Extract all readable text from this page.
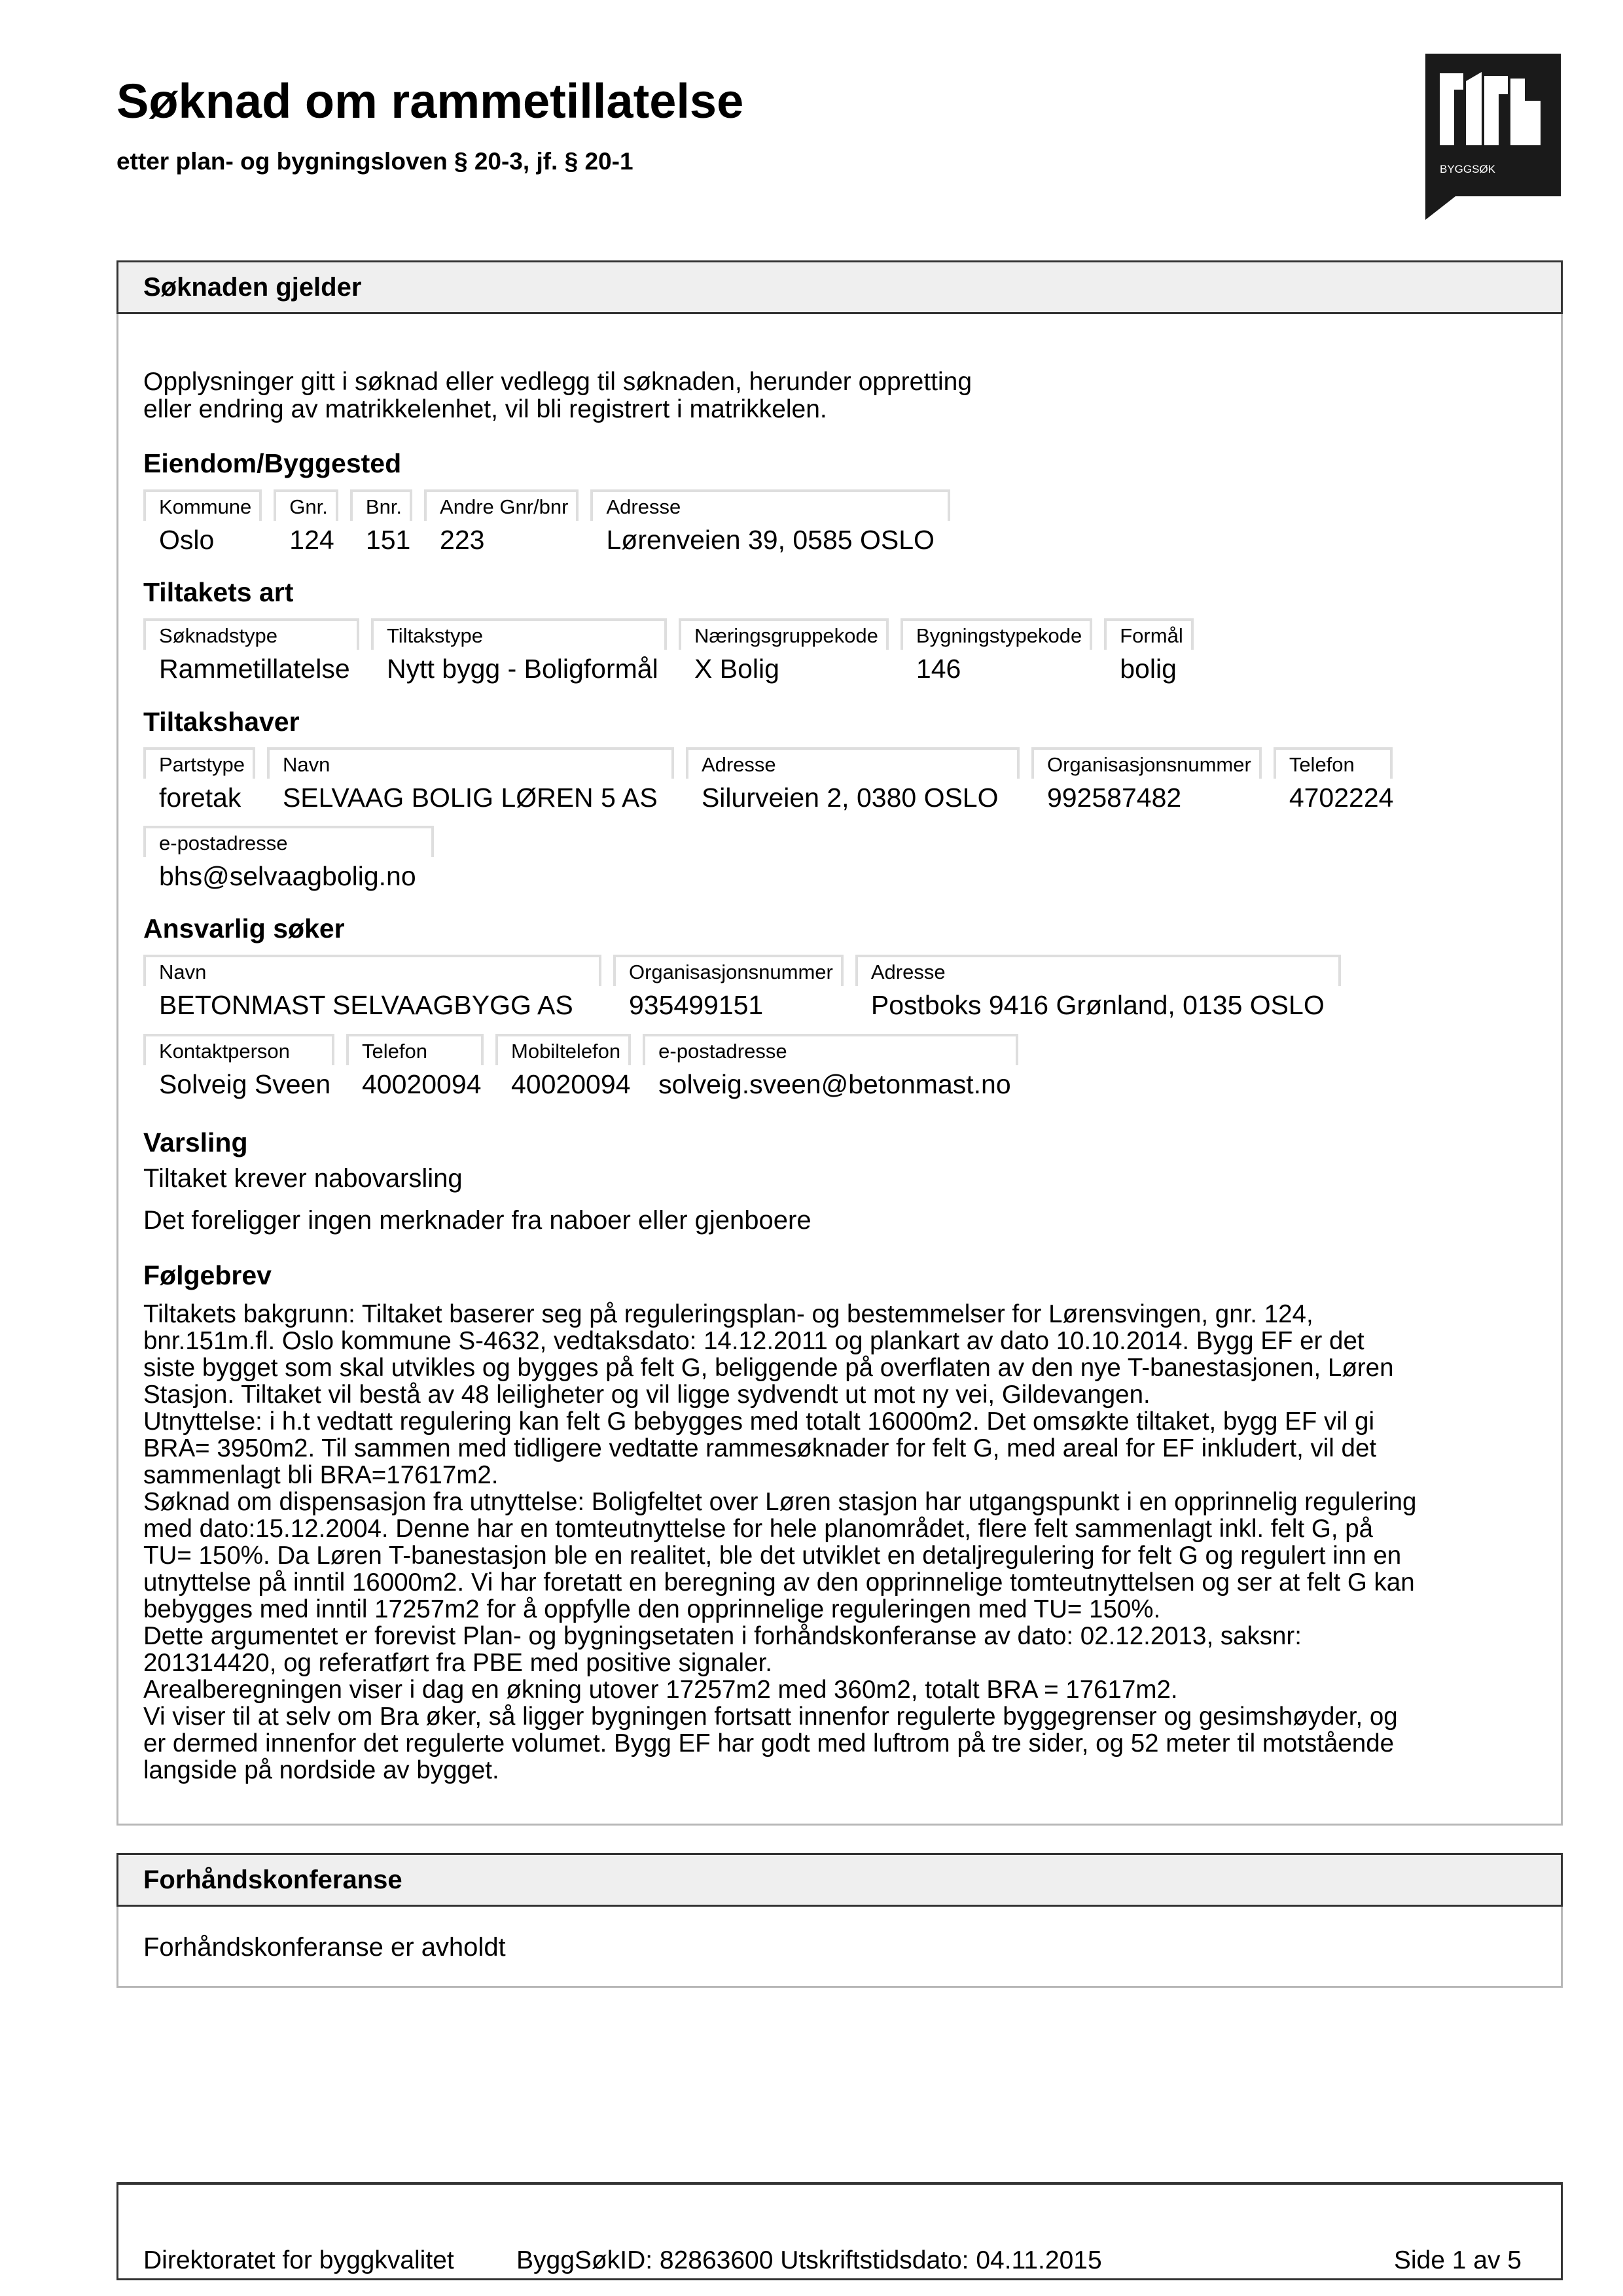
Søknad om rammetillatelse
etter plan- og bygningsloven § 20-3, jf. § 20-1	BYGGSØK
Søknaden gjelder
Opplysninger gitt i søknad eller vedlegg til søknaden, herunder oppretting
eller endring av matrikkelenhet, vil bli registrert i matrikkelen.
Eiendom/Byggested
Kommune
Oslo
Gnr.
124
Bnr.
151
Andre Gnr/bnr
223
Adresse
Lørenveien 39, 0585 OSLO
Tiltakets art
Søknadstype
Rammetillatelse
Tiltakstype
Nytt bygg - Boligformål
Næringsgruppekode
X Bolig
Bygningstypekode
146
Formål
bolig
Tiltakshaver
Partstype
foretak
Navn
SELVAAG BOLIG LØREN 5 AS
Adresse
Silurveien 2, 0380 OSLO
Organisasjonsnummer
992587482
Telefon
4702224
e-postadresse
bhs@selvaagbolig.no
Ansvarlig søker
Navn
BETONMAST SELVAAGBYGG AS
Organisasjonsnummer
935499151
Adresse
Postboks 9416 Grønland, 0135 OSLO
Kontaktperson
Solveig Sveen
Telefon
40020094
Mobiltelefon
40020094
e-postadresse
solveig.sveen@betonmast.no
Varsling
Tiltaket krever nabovarsling
Det foreligger ingen merknader fra naboer eller gjenboere
Følgebrev

Tiltakets bakgrunn: Tiltaket baserer seg på reguleringsplan- og bestemmelser for Lørensvingen, gnr. 124,

bnr.151m.fl. Oslo kommune S-4632, vedtaksdato: 14.12.2011 og plankart av dato 10.10.2014. Bygg EF er det

siste bygget som skal utvikles og bygges på felt G, beliggende på overflaten av den nye T-banestasjonen, Løren

Stasjon. Tiltaket vil bestå av 48 leiligheter og vil ligge sydvendt ut mot ny vei, Gildevangen.

Utnyttelse: i h.t vedtatt regulering kan felt G bebygges med totalt 16000m2. Det omsøkte tiltaket, bygg EF vil gi

BRA= 3950m2. Til sammen med tidligere vedtatte rammesøknader for felt G, med areal for EF inkludert, vil det

sammenlagt bli BRA=17617m2.

Søknad om dispensasjon fra utnyttelse: Boligfeltet over Løren stasjon har utgangspunkt i en opprinnelig regulering

med dato:15.12.2004. Denne har en tomteutnyttelse for hele planområdet, flere felt sammenlagt inkl. felt G, på

TU= 150%. Da Løren T-banestasjon ble en realitet, ble det utviklet en detaljregulering for felt G og regulert inn en

utnyttelse på inntil 16000m2. Vi har foretatt en beregning av den opprinnelige tomteutnyttelsen og ser at felt G kan

bebygges med inntil 17257m2 for å oppfylle den opprinnelige reguleringen med TU= 150%.

Dette argumentet er forevist Plan- og bygningsetaten i forhåndskonferanse av dato: 02.12.2013, saksnr:

201314420, og referatført fra PBE med positive signaler.

Arealberegningen viser i dag en økning utover 17257m2 med 360m2, totalt BRA = 17617m2.

Vi viser til at selv om Bra øker, så ligger bygningen fortsatt innenfor regulerte byggegrenser og gesimshøyder, og

er dermed innenfor det regulerte volumet. Bygg EF har godt med luftrom på tre sider, og 52 meter til motstående

langside på nordside av bygget.

Forhåndskonferanse
Forhåndskonferanse er avholdt
Direktoratet for byggkvalitet ByggSøkID: 82863600 Utskriftstidsdato: 04.11.2015	Side 1 av 5
